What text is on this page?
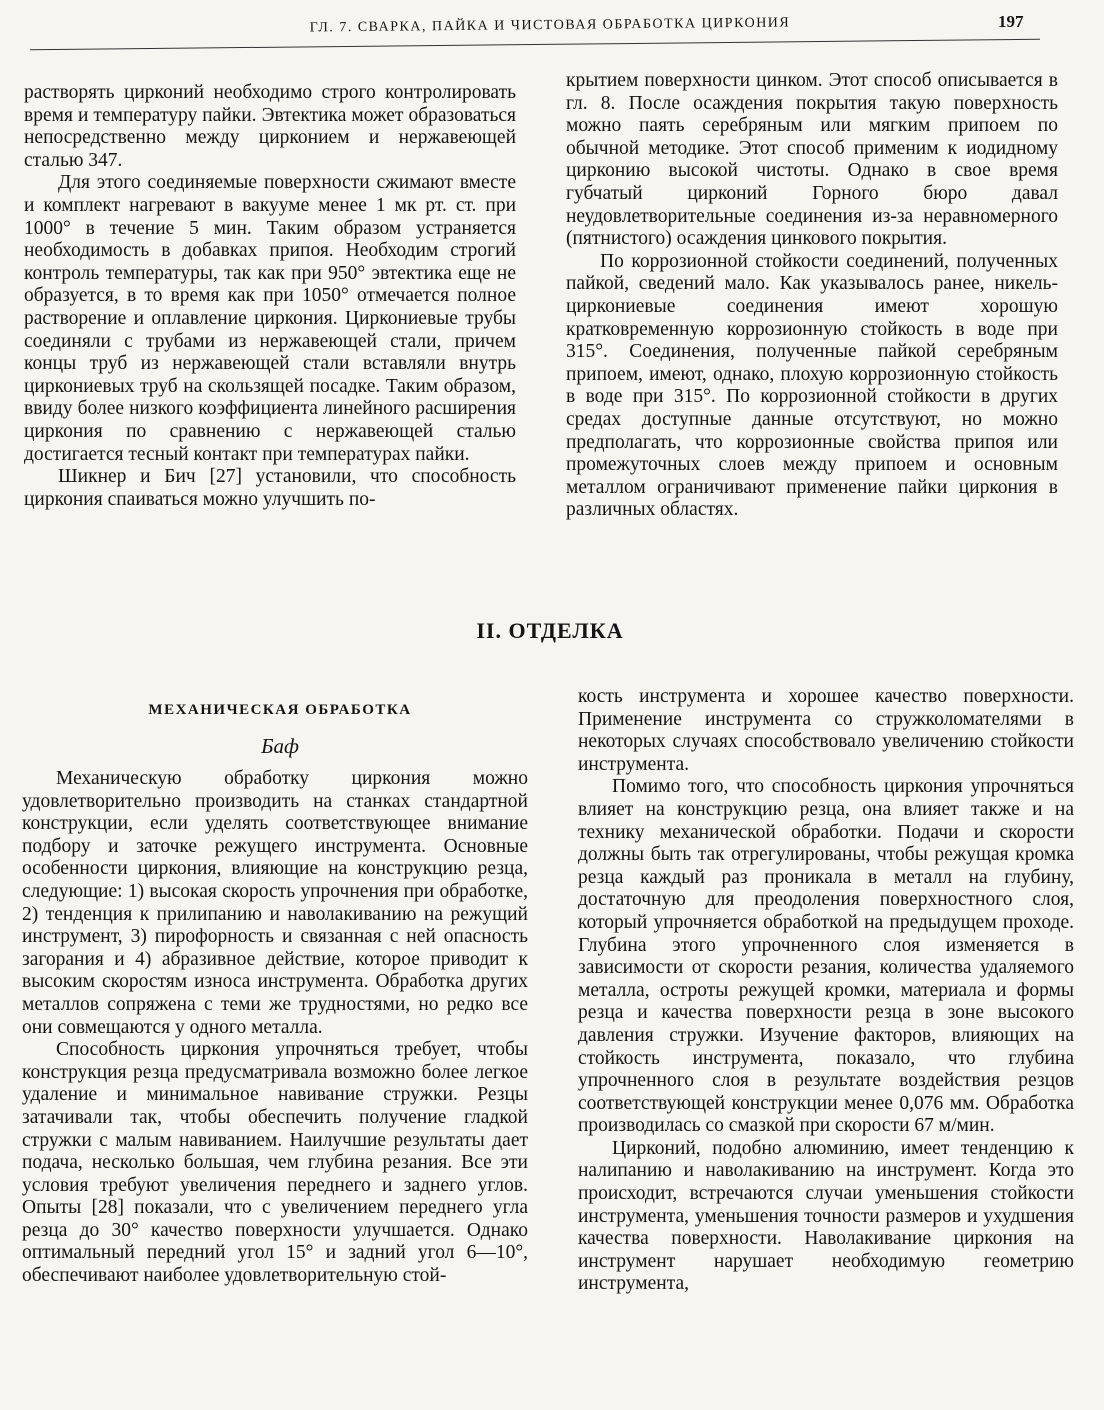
ГЛ. 7. СВАРКА, ПАЙКА И ЧИСТОВАЯ ОБРАБОТКА ЦИРКОНИЯ	197

растворять цирконий необходимо строго контролировать время и температуру пайки. Эвтектика может образоваться непосредственно между цирконием и нержавеющей сталью 347.

Для этого соединяемые поверхности сжимают вместе и комплект нагревают в вакууме менее 1 мк рт. ст. при 1000° в течение 5 мин. Таким образом устраняется необходимость в добавках припоя. Необходим строгий контроль температуры, так как при 950° эвтектика еще не образуется, в то время как при 1050° отмечается полное растворение и оплавление циркония. Циркониевые трубы соединяли с трубами из нержавеющей стали, причем концы труб из нержавеющей стали вставляли внутрь циркониевых труб на скользящей посадке. Таким образом, ввиду более низкого коэффициента линейного расширения циркония по сравнению с нержавеющей сталью достигается тесный контакт при температурах пайки.

Шикнер и Бич [27] установили, что способность циркония спаиваться можно улучшить по-

крытием поверхности цинком. Этот способ описывается в гл. 8. После осаждения покрытия такую поверхность можно паять серебряным или мягким припоем по обычной методике. Этот способ применим к иодидному цирконию высокой чистоты. Однако в свое время губчатый цирконий Горного бюро давал неудовлетворительные соединения из-за неравномерного (пятнистого) осаждения цинкового покрытия.

По коррозионной стойкости соединений, полученных пайкой, сведений мало. Как указывалось ранее, никель-циркониевые соединения имеют хорошую кратковременную коррозионную стойкость в воде при 315°. Соединения, полученные пайкой серебряным припоем, имеют, однако, плохую коррозионную стойкость в воде при 315°. По коррозионной стойкости в других средах доступные данные отсутствуют, но можно предполагать, что коррозионные свойства припоя или промежуточных слоев между припоем и основным металлом ограничивают применение пайки циркония в различных областях.

II. ОТДЕЛКА
МЕХАНИЧЕСКАЯ ОБРАБОТКА
Баф

Механическую обработку циркония можно удовлетворительно производить на станках стандартной конструкции, если уделять соответствующее внимание подбору и заточке режущего инструмента. Основные особенности циркония, влияющие на конструкцию резца, следующие: 1) высокая скорость упрочнения при обработке, 2) тенденция к прилипанию и наволакиванию на режущий инструмент, 3) пирофорность и связанная с ней опасность загорания и 4) абразивное действие, которое приводит к высоким скоростям износа инструмента. Обработка других металлов сопряжена с теми же трудностями, но редко все они совмещаются у одного металла.

Способность циркония упрочняться требует, чтобы конструкция резца предусматривала возможно более легкое удаление и минимальное навивание стружки. Резцы затачивали так, чтобы обеспечить получение гладкой стружки с малым навиванием. Наилучшие результаты дает подача, несколько большая, чем глубина резания. Все эти условия требуют увеличения переднего и заднего углов. Опыты [28] показали, что с увеличением переднего угла резца до 30° качество поверхности улучшается. Однако оптимальный передний угол 15° и задний угол 6—10°, обеспечивают наиболее удовлетворительную стой-

кость инструмента и хорошее качество поверхности. Применение инструмента со стружколомателями в некоторых случаях способствовало увеличению стойкости инструмента.

Помимо того, что способность циркония упрочняться влияет на конструкцию резца, она влияет также и на технику механической обработки. Подачи и скорости должны быть так отрегулированы, чтобы режущая кромка резца каждый раз проникала в металл на глубину, достаточную для преодоления поверхностного слоя, который упрочняется обработкой на предыдущем проходе. Глубина этого упрочненного слоя изменяется в зависимости от скорости резания, количества удаляемого металла, остроты режущей кромки, материала и формы резца и качества поверхности резца в зоне высокого давления стружки. Изучение факторов, влияющих на стойкость инструмента, показало, что глубина упрочненного слоя в результате воздействия резцов соответствующей конструкции менее 0,076 мм. Обработка производилась со смазкой при скорости 67 м/мин.

Цирконий, подобно алюминию, имеет тенденцию к налипанию и наволакиванию на инструмент. Когда это происходит, встречаются случаи уменьшения стойкости инструмента, уменьшения точности размеров и ухудшения качества поверхности. Наволакивание циркония на инструмент нарушает необходимую геометрию инструмента,
